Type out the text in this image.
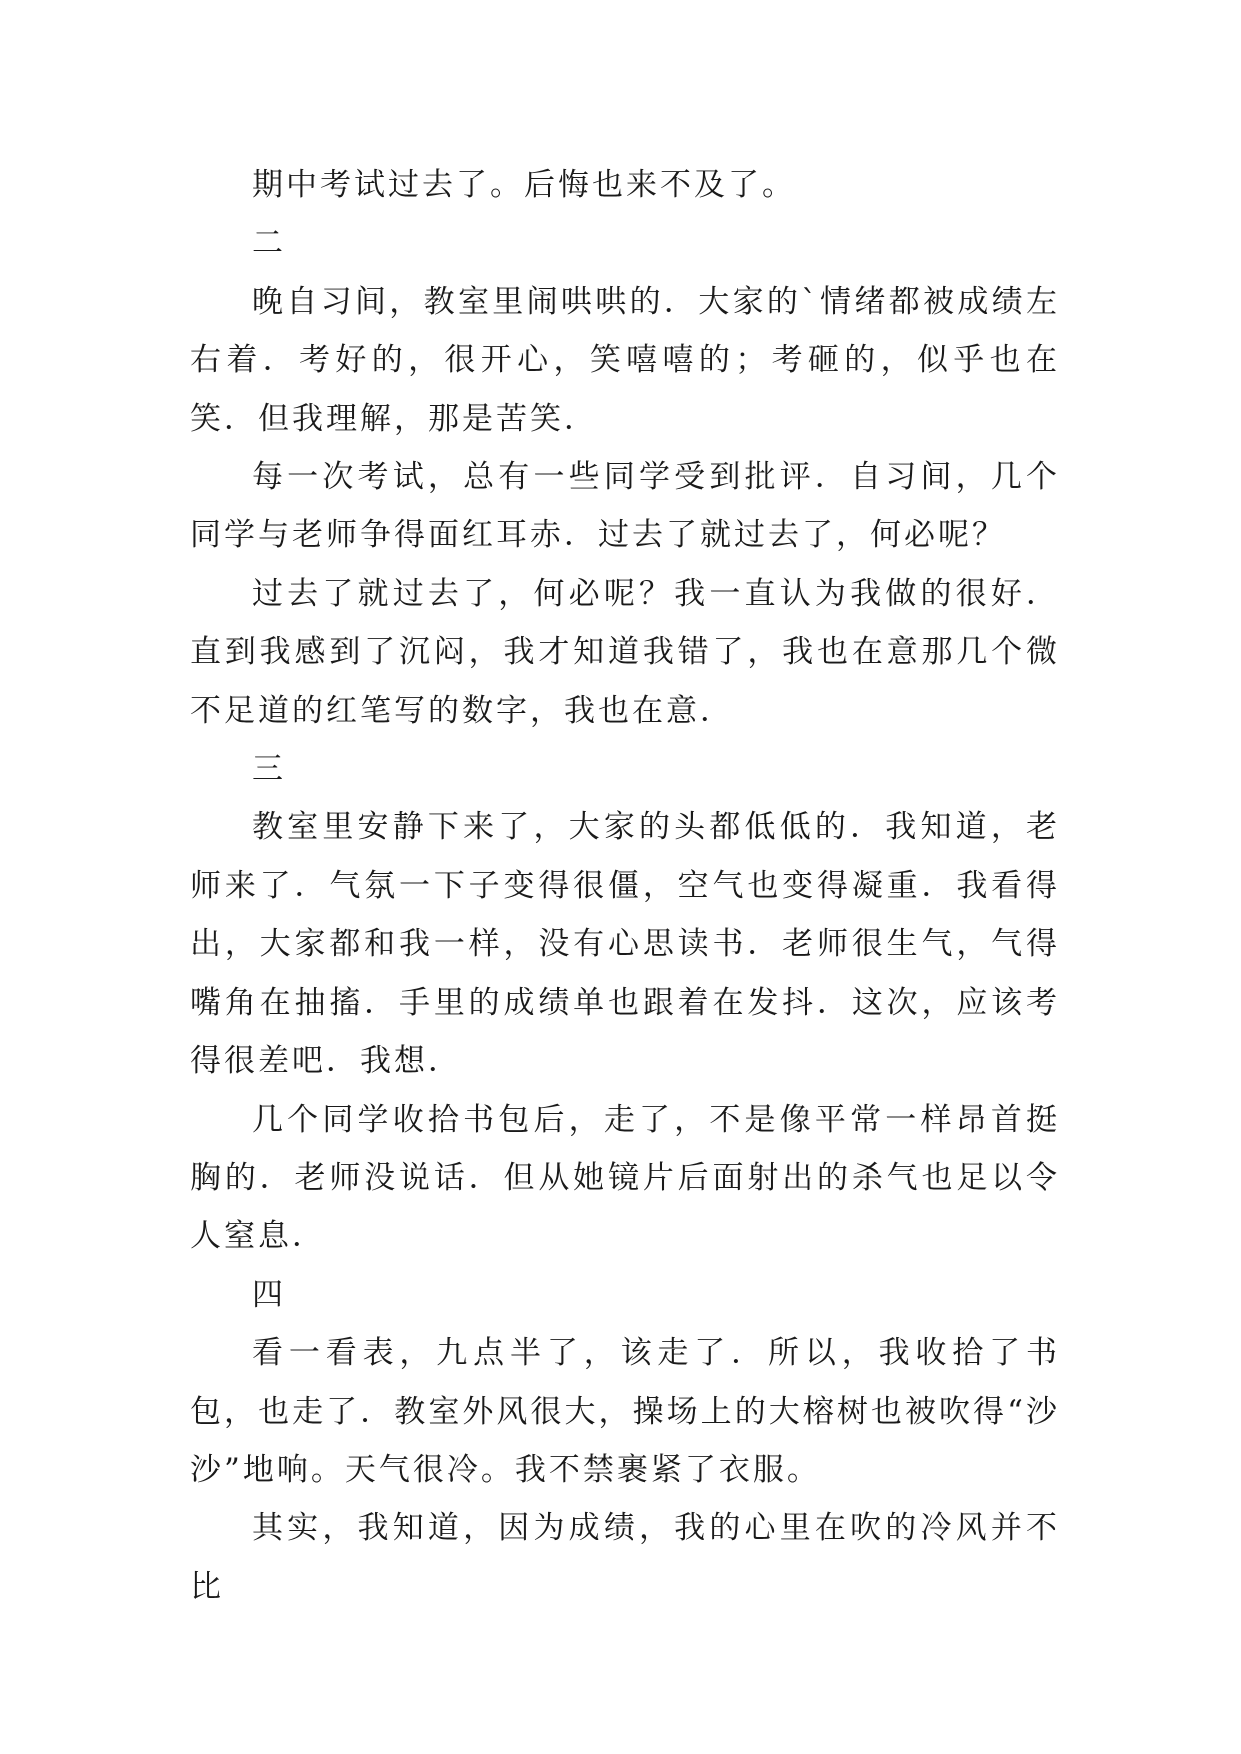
期中考试过去了。后悔也来不及了。

二

晚自习间，教室里闹哄哄的．大家的`情绪都被成绩左右着．考好的，很开心，笑嘻嘻的；考砸的，似乎也在笑．但我理解，那是苦笑．

每一次考试，总有一些同学受到批评．自习间，几个同学与老师争得面红耳赤．过去了就过去了，何必呢？

过去了就过去了，何必呢？我一直认为我做的很好．直到我感到了沉闷，我才知道我错了，我也在意那几个微不足道的红笔写的数字，我也在意．

三

教室里安静下来了，大家的头都低低的．我知道，老师来了．气氛一下子变得很僵，空气也变得凝重．我看得出，大家都和我一样，没有心思读书．老师很生气，气得嘴角在抽搐．手里的成绩单也跟着在发抖．这次，应该考得很差吧．我想．

几个同学收拾书包后，走了，不是像平常一样昂首挺胸的．老师没说话．但从她镜片后面射出的杀气也足以令人窒息．

四

看一看表，九点半了，该走了．所以，我收拾了书包，也走了．教室外风很大，操场上的大榕树也被吹得“沙沙”地响。天气很冷。我不禁裹紧了衣服。

其实，我知道，因为成绩，我的心里在吹的冷风并不比
